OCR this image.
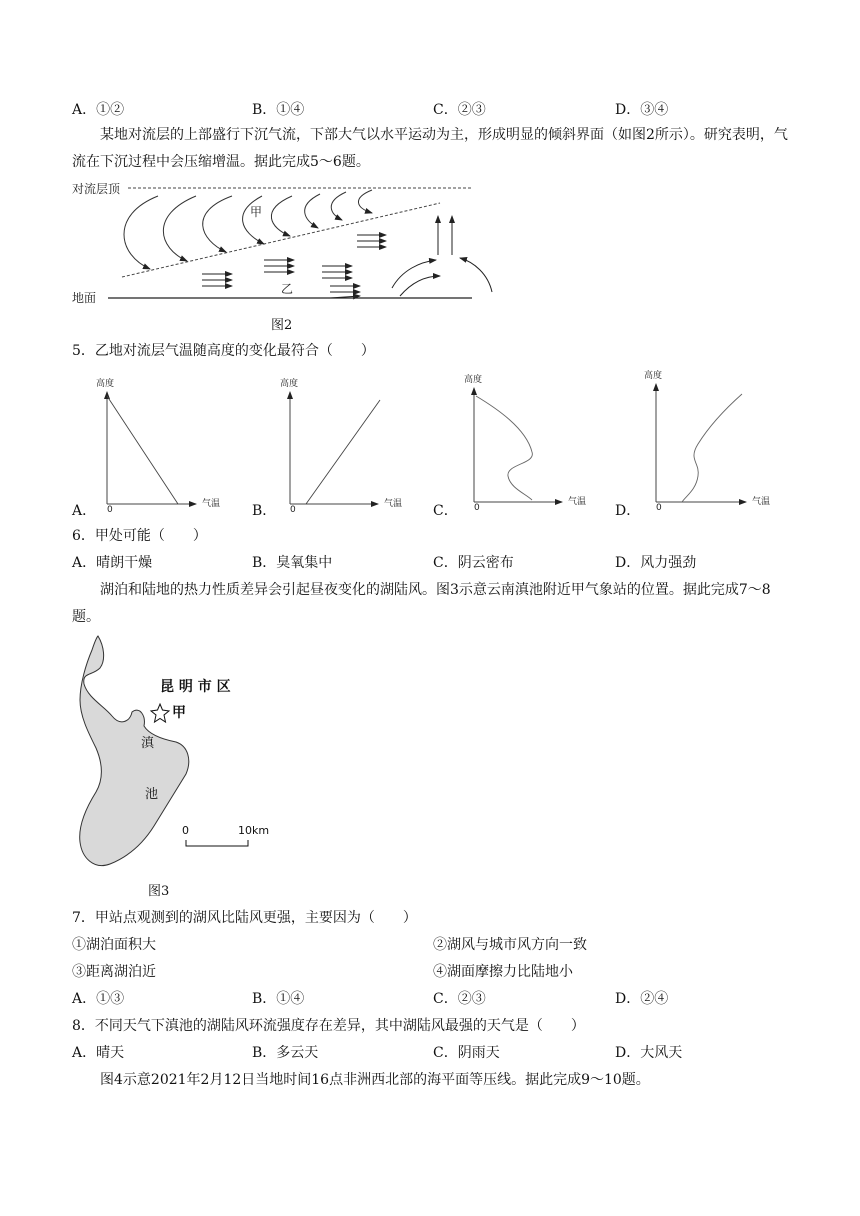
A．①②	B．①④	C．②③	D．③④
某地对流层的上部盛行下沉气流，下部大气以水平运动为主，形成明显的倾斜界面（如图2所示）。研究表明，气流在下沉过程中会压缩增温。据此完成5～6题。
对流层顶
地面
甲
乙
图2
5．乙地对流层气温随高度的变化最符合（　　）
高度
气温
0
A．
高度
气温
0
B．
高度
气温
0
C．
高度
气温
0
D．
6．甲处可能（　　）
A．晴朗干燥	B．臭氧集中	C．阴云密布	D．风力强劲
湖泊和陆地的热力性质差异会引起昼夜变化的湖陆风。图3示意云南滇池附近甲气象站的位置。据此完成7～8题。
昆 明 市 区
甲
滇
池
0	10km
图3
7．甲站点观测到的湖风比陆风更强，主要因为（　　）
①湖泊面积大	②湖风与城市风方向一致
③距离湖泊近	④湖面摩擦力比陆地小
A．①③	B．①④	C．②③	D．②④
8．不同天气下滇池的湖陆风环流强度存在差异，其中湖陆风最强的天气是（　　）
A．晴天	B．多云天	C．阴雨天	D．大风天
图4示意2021年2月12日当地时间16点非洲西北部的海平面等压线。据此完成9～10题。
